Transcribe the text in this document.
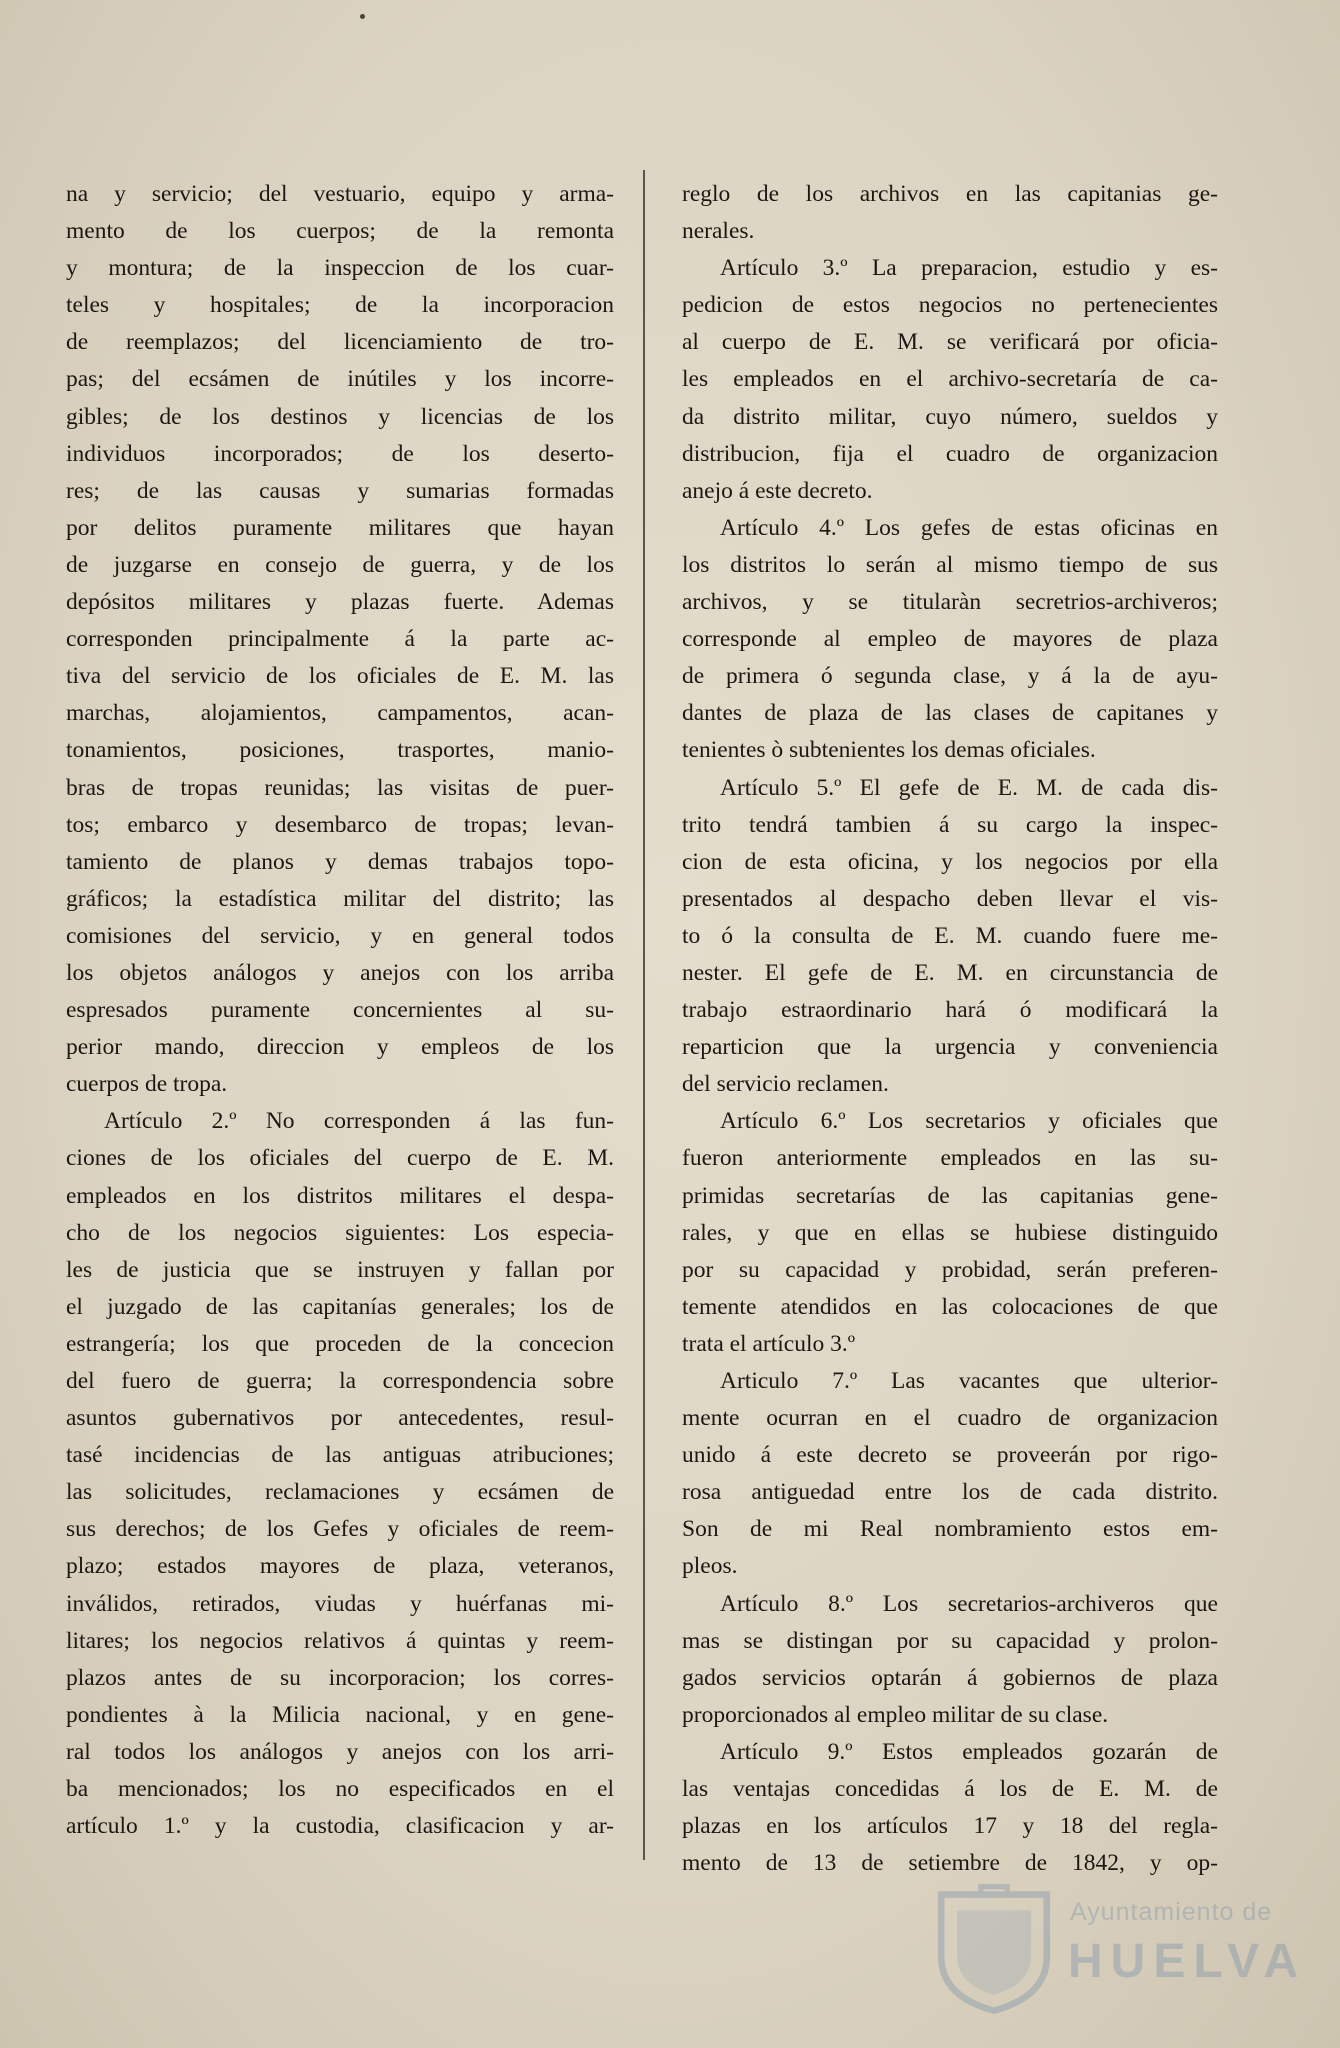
na y servicio; del vestuario, equipo y arma-
mento de los cuerpos; de la remonta
y montura; de la inspeccion de los cuar-
teles y hospitales; de la incorporacion
de reemplazos; del licenciamiento de tro-
pas; del ecsámen de inútiles y los incorre-
gibles; de los destinos y licencias de los
individuos incorporados; de los deserto-
res; de las causas y sumarias formadas
por delitos puramente militares que hayan
de juzgarse en consejo de guerra, y de los
depósitos militares y plazas fuerte. Ademas
corresponden principalmente á la parte ac-
tiva del servicio de los oficiales de E. M. las
marchas, alojamientos, campamentos, acan-
tonamientos, posiciones, trasportes, manio-
bras de tropas reunidas; las visitas de puer-
tos; embarco y desembarco de tropas; levan-
tamiento de planos y demas trabajos topo-
gráficos; la estadística militar del distrito; las
comisiones del servicio, y en general todos
los objetos análogos y anejos con los arriba
espresados puramente concernientes al su-
perior mando, direccion y empleos de los
cuerpos de tropa.
Artículo 2.º No corresponden á las fun-
ciones de los oficiales del cuerpo de E. M.
empleados en los distritos militares el despa-
cho de los negocios siguientes: Los especia-
les de justicia que se instruyen y fallan por
el juzgado de las capitanías generales; los de
estrangería; los que proceden de la concecion
del fuero de guerra; la correspondencia sobre
asuntos gubernativos por antecedentes, resul-
tasé incidencias de las antiguas atribuciones;
las solicitudes, reclamaciones y ecsámen de
sus derechos; de los Gefes y oficiales de reem-
plazo; estados mayores de plaza, veteranos,
inválidos, retirados, viudas y huérfanas mi-
litares; los negocios relativos á quintas y reem-
plazos antes de su incorporacion; los corres-
pondientes à la Milicia nacional, y en gene-
ral todos los análogos y anejos con los arri-
ba mencionados; los no especificados en el
artículo 1.º y la custodia, clasificacion y ar-
reglo de los archivos en las capitanias ge-
nerales.
Artículo 3.º La preparacion, estudio y es-
pedicion de estos negocios no pertenecientes
al cuerpo de E. M. se verificará por oficia-
les empleados en el archivo-secretaría de ca-
da distrito militar, cuyo número, sueldos y
distribucion, fija el cuadro de organizacion
anejo á este decreto.
Artículo 4.º Los gefes de estas oficinas en
los distritos lo serán al mismo tiempo de sus
archivos, y se titularàn secretrios-archiveros;
corresponde al empleo de mayores de plaza
de primera ó segunda clase, y á la de ayu-
dantes de plaza de las clases de capitanes y
tenientes ò subtenientes los demas oficiales.
Artículo 5.º El gefe de E. M. de cada dis-
trito tendrá tambien á su cargo la inspec-
cion de esta oficina, y los negocios por ella
presentados al despacho deben llevar el vis-
to ó la consulta de E. M. cuando fuere me-
nester. El gefe de E. M. en circunstancia de
trabajo estraordinario hará ó modificará la
reparticion que la urgencia y conveniencia
del servicio reclamen.
Artículo 6.º Los secretarios y oficiales que
fueron anteriormente empleados en las su-
primidas secretarías de las capitanias gene-
rales, y que en ellas se hubiese distinguido
por su capacidad y probidad, serán preferen-
temente atendidos en las colocaciones de que
trata el artículo 3.º
Articulo 7.º Las vacantes que ulterior-
mente ocurran en el cuadro de organizacion
unido á este decreto se proveerán por rigo-
rosa antiguedad entre los de cada distrito.
Son de mi Real nombramiento estos em-
pleos.
Artículo 8.º Los secretarios-archiveros que
mas se distingan por su capacidad y prolon-
gados servicios optarán á gobiernos de plaza
proporcionados al empleo militar de su clase.
Artículo 9.º Estos empleados gozarán de
las ventajas concedidas á los de E. M. de
plazas en los artículos 17 y 18 del regla-
mento de 13 de setiembre de 1842, y op-
Ayuntamiento de
HUELVA
